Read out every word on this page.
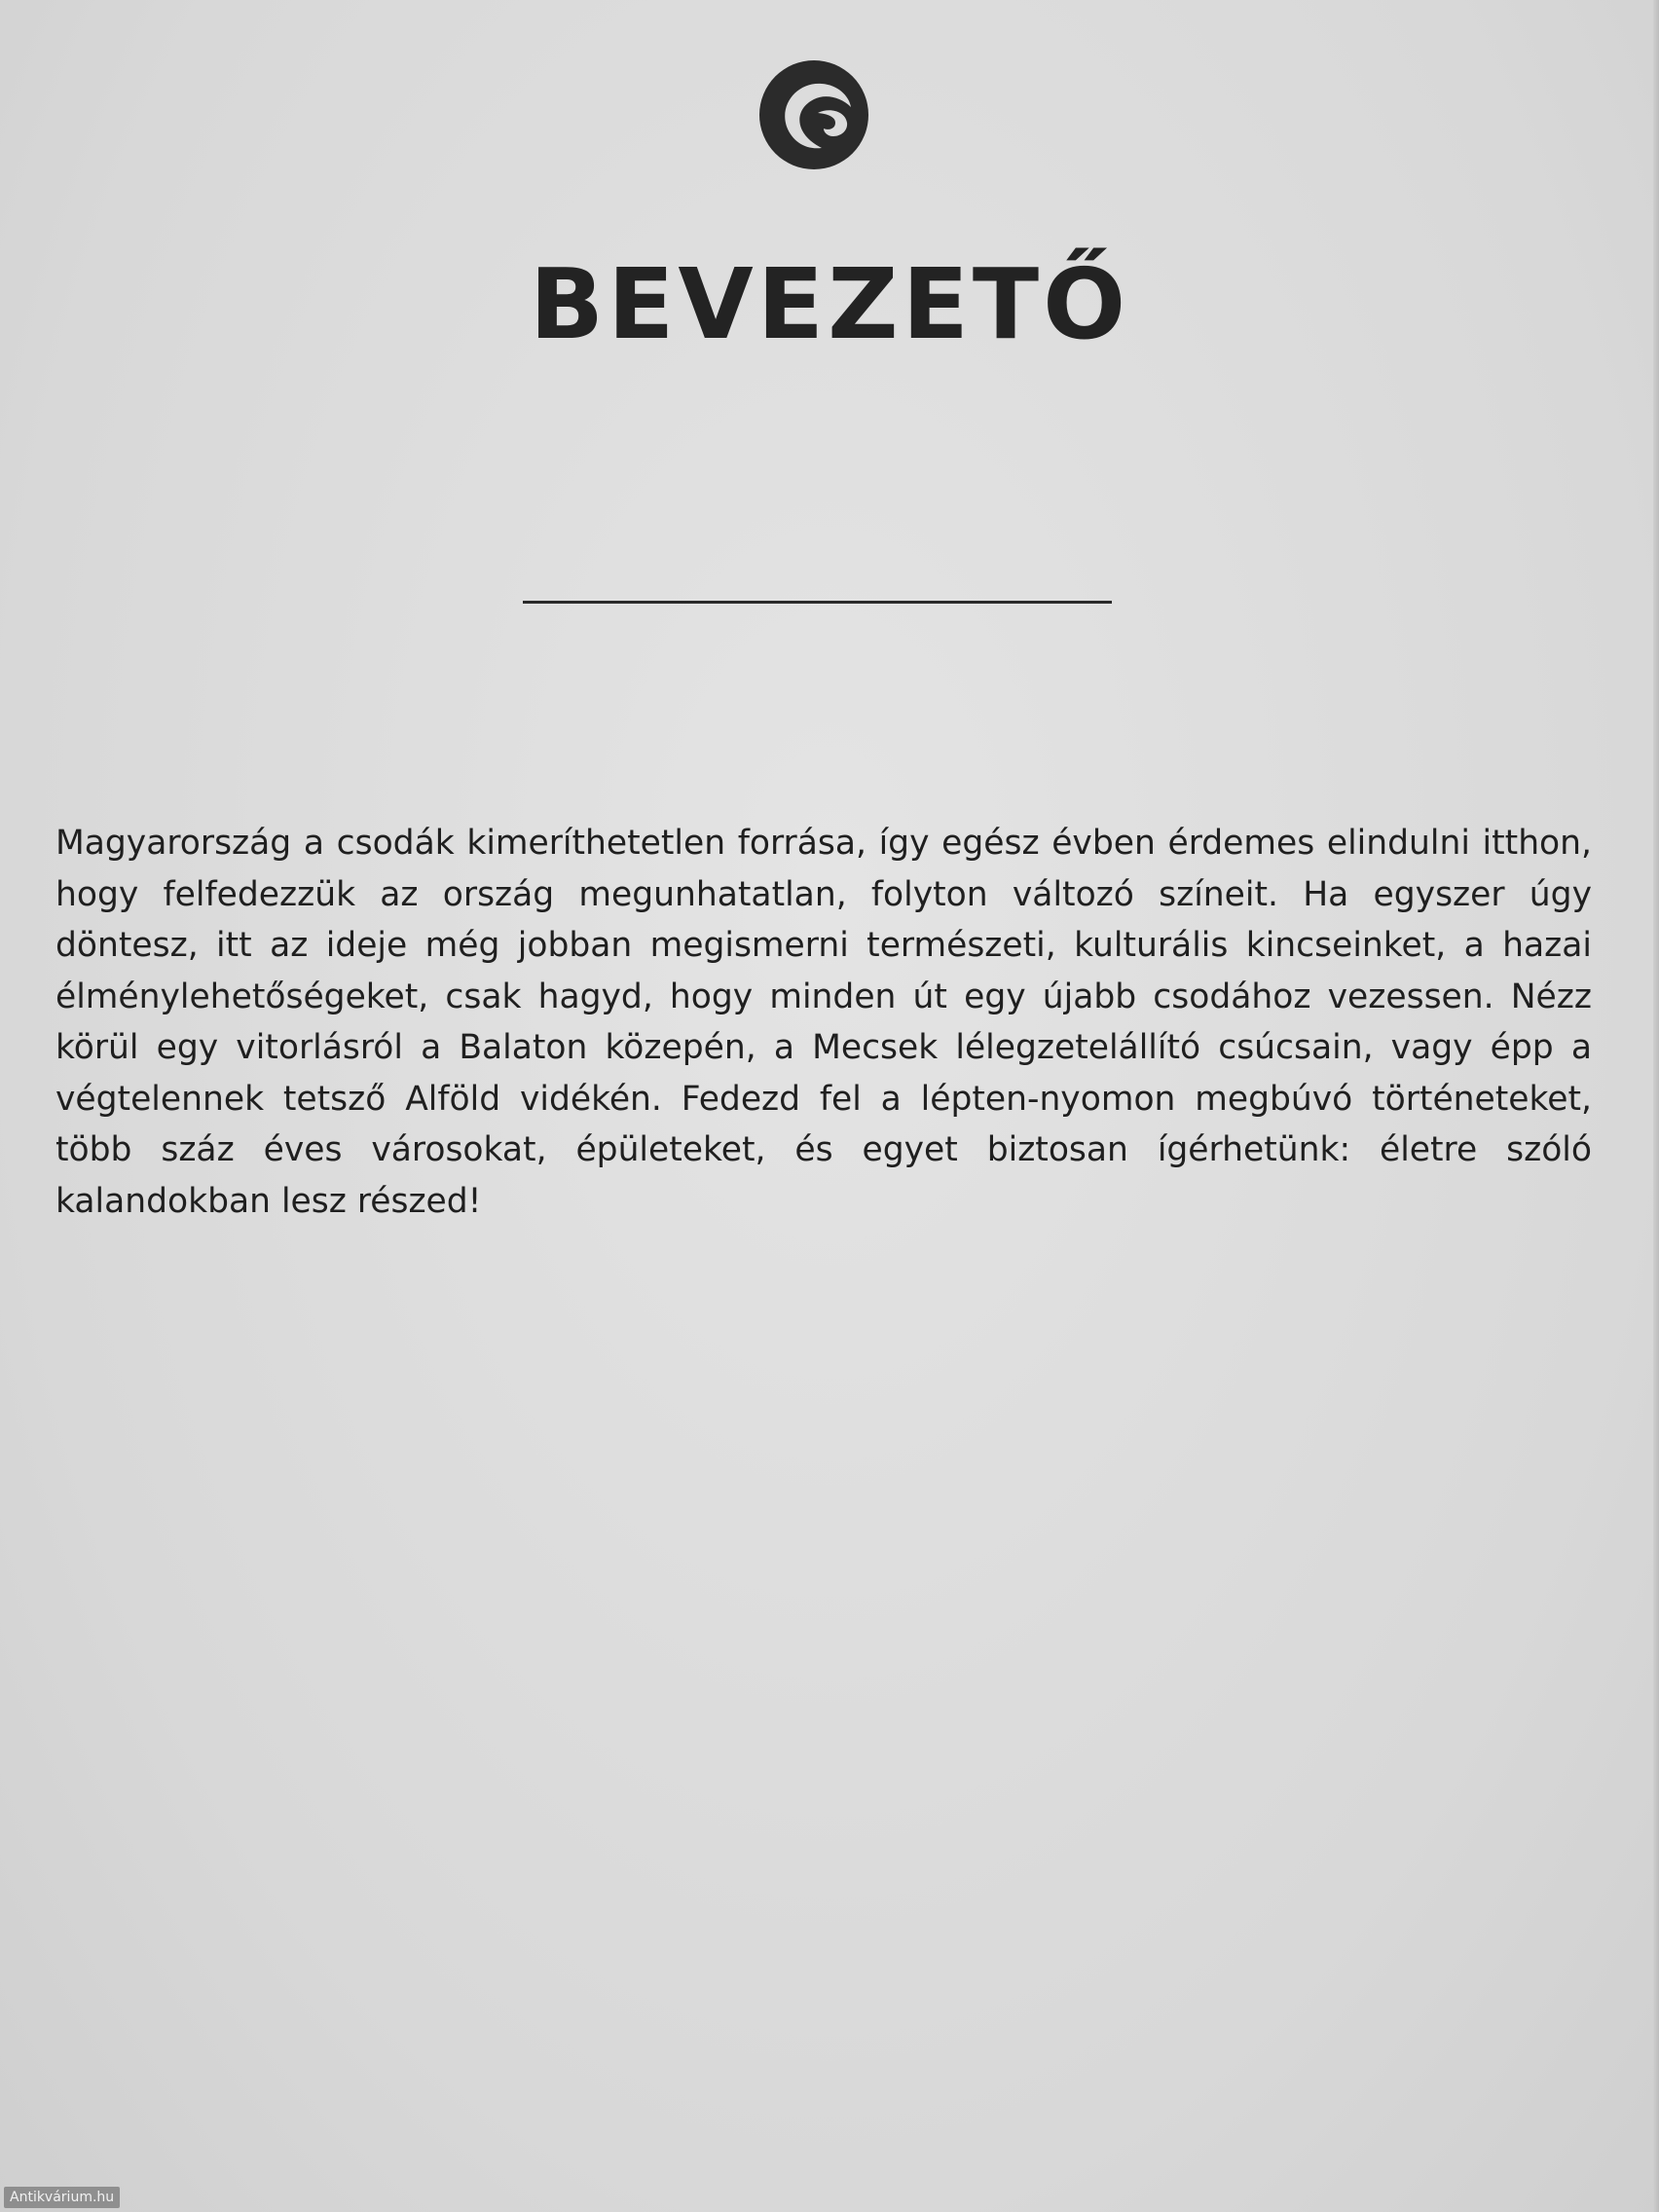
BEVEZETŐ

Magyarország a csodák kimeríthetetlen forrása, így egész évben érdemes elindulni itthon, hogy felfedezzük az ország megunhatatlan, folyton változó színeit. Ha egyszer úgy döntesz, itt az ideje még jobban megismerni természeti, kulturális kincseinket, a hazai élménylehetőségeket, csak hagyd, hogy minden út egy újabb csodához vezessen. Nézz körül egy vitorlásról a Balaton közepén, a Mecsek lélegzetelállító csúcsain, vagy épp a végtelennek tetsző Alföld vidékén. Fedezd fel a lépten-nyomon megbúvó történeteket, több száz éves városokat, épületeket, és egyet biztosan ígérhetünk: életre szóló kalandokban lesz részed!

Antikvárium.hu
